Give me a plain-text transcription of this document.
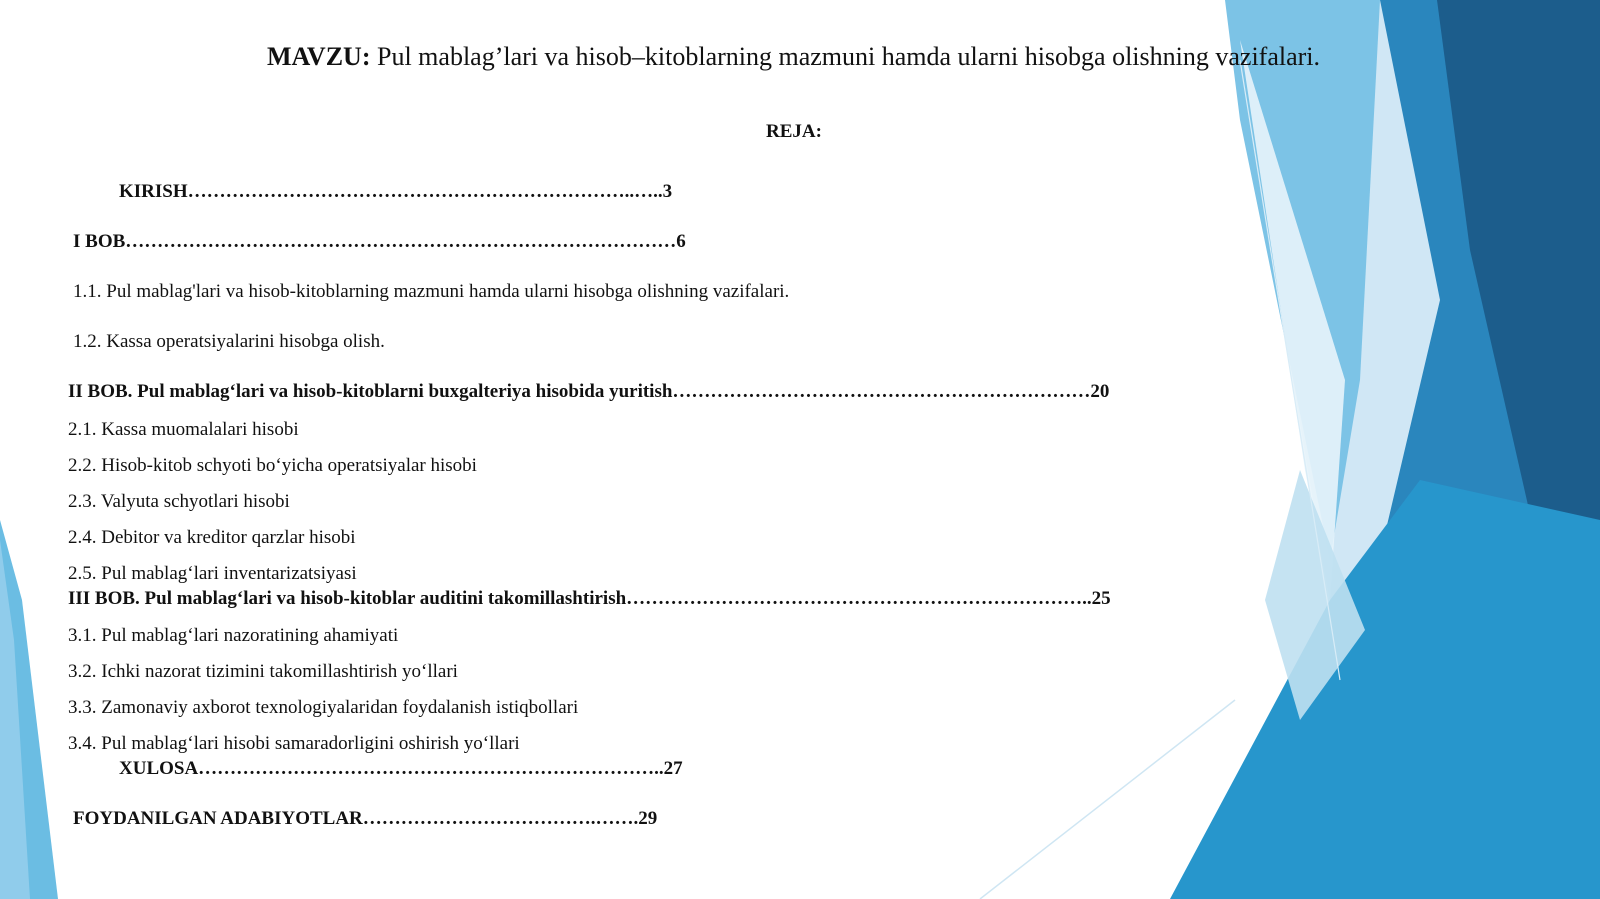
MAVZU: Pul mablag’lari va hisob–kitoblarning mazmuni hamda ularni hisobga olishning vazifalari.
REJA:
KIRISH……………………………………………………………..…..3
I BOB……………………………………………………………………………6
1.1. Pul mablag'lari va hisob-kitoblarning mazmuni hamda ularni hisobga olishning vazifalari.
1.2. Kassa operatsiyalarini hisobga olish.
II BOB. Pul mablag‘lari va hisob-kitoblarni buxgalteriya hisobida yuritish…………………………………………………………20
2.1. Kassa muomalalari hisobi
2.2. Hisob-kitob schyoti bo‘yicha operatsiyalar hisobi
2.3. Valyuta schyotlari hisobi
2.4. Debitor va kreditor qarzlar hisobi
2.5. Pul mablag‘lari inventarizatsiyasi
III BOB. Pul mablag‘lari va hisob-kitoblar auditini takomillashtirish………………………………………………………………..25
3.1. Pul mablag‘lari nazoratining ahamiyati
3.2. Ichki nazorat tizimini takomillashtirish yo‘llari
3.3. Zamonaviy axborot texnologiyalaridan foydalanish istiqbollari
3.4. Pul mablag‘lari hisobi samaradorligini oshirish yo‘llari
XULOSA………………………………………………………………..27
FOYDANILGAN ADABIYOTLAR……………………………….…….29
